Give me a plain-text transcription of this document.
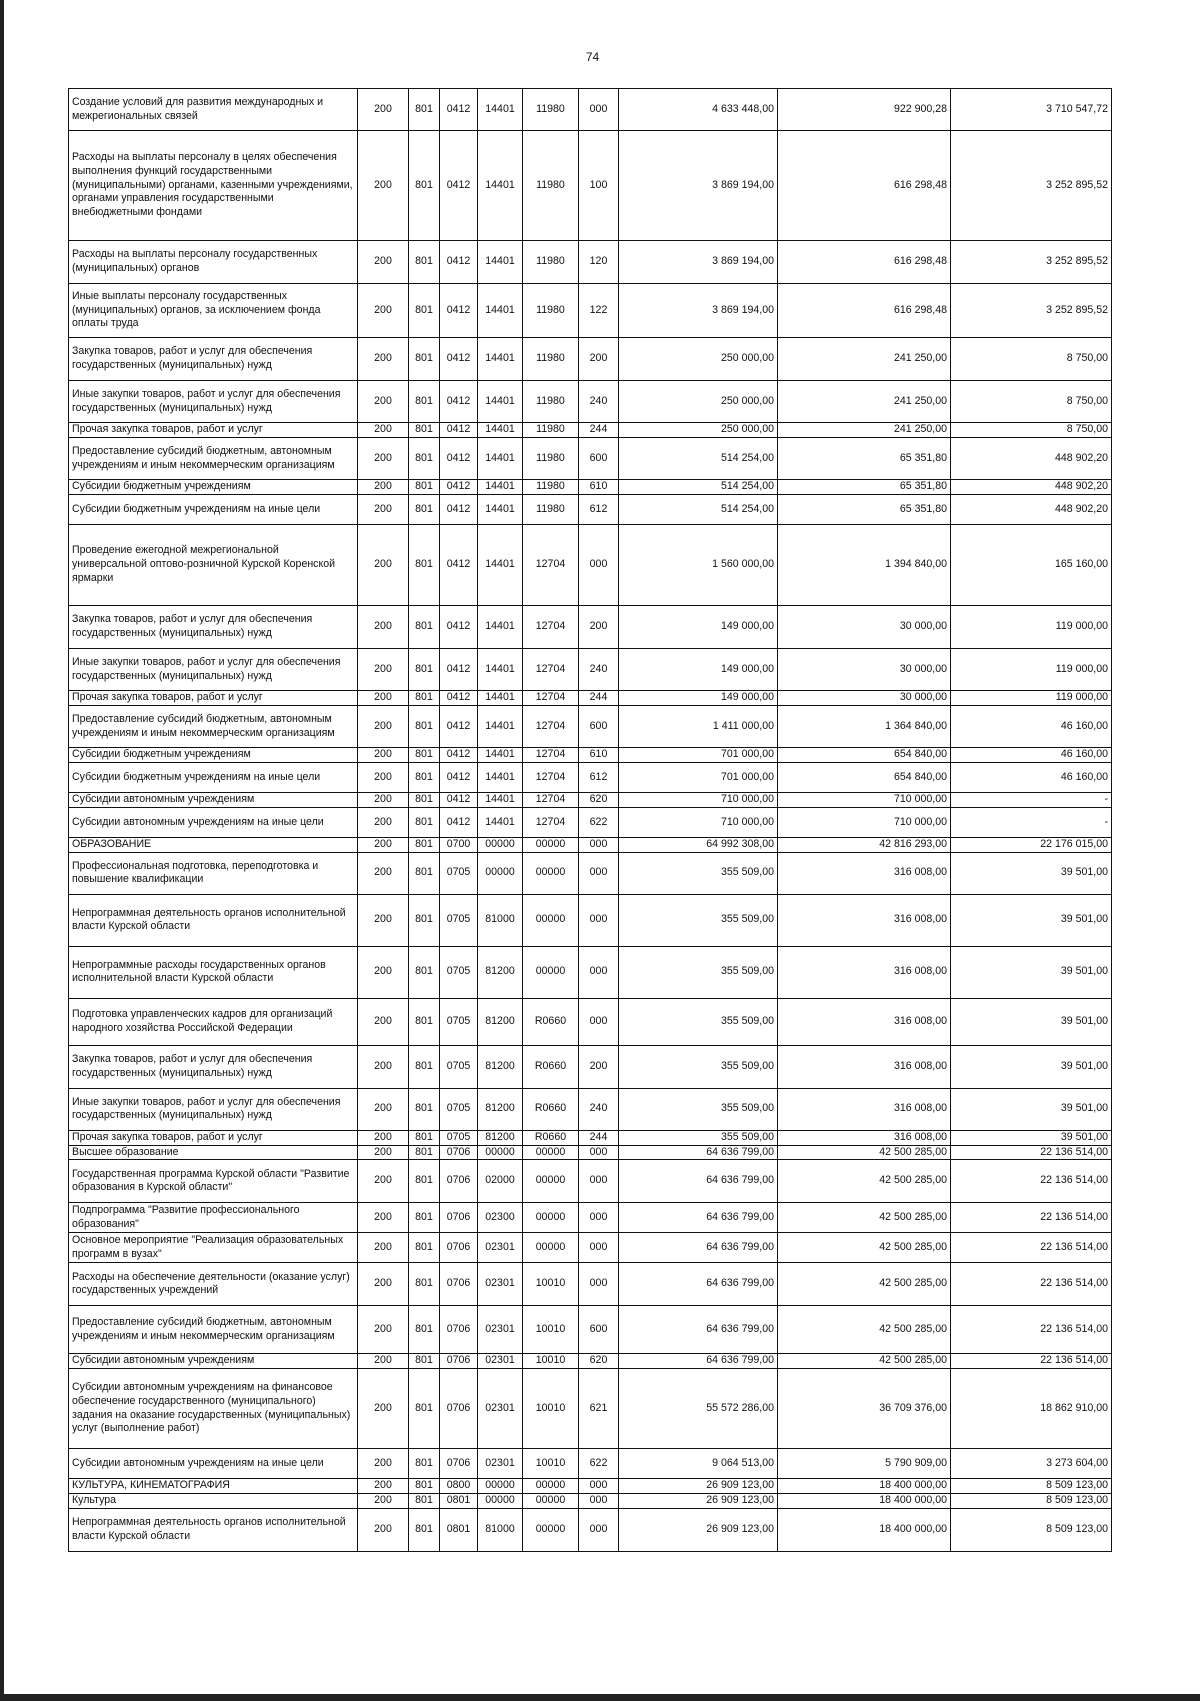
74
Создание условий для развития международных и межрегиональных связей	200	801	0412	14401	11980	000	4 633 448,00	922 900,28	3 710 547,72
Расходы на выплаты персоналу в целях обеспечения выполнения функций государственными (муниципальными) органами, казенными учреждениями, органами управления государственными внебюджетными фондами	200	801	0412	14401	11980	100	3 869 194,00	616 298,48	3 252 895,52
Расходы на выплаты персоналу государственных (муниципальных) органов	200	801	0412	14401	11980	120	3 869 194,00	616 298,48	3 252 895,52
Иные выплаты персоналу государственных (муниципальных) органов, за исключением фонда оплаты труда	200	801	0412	14401	11980	122	3 869 194,00	616 298,48	3 252 895,52
Закупка товаров, работ и услуг для обеспечения государственных (муниципальных) нужд	200	801	0412	14401	11980	200	250 000,00	241 250,00	8 750,00
Иные закупки товаров, работ и услуг для обеспечения государственных (муниципальных) нужд	200	801	0412	14401	11980	240	250 000,00	241 250,00	8 750,00
Прочая закупка товаров, работ и услуг	200	801	0412	14401	11980	244	250 000,00	241 250,00	8 750,00
Предоставление субсидий бюджетным, автономным учреждениям и иным некоммерческим организациям	200	801	0412	14401	11980	600	514 254,00	65 351,80	448 902,20
Субсидии бюджетным учреждениям	200	801	0412	14401	11980	610	514 254,00	65 351,80	448 902,20
Субсидии бюджетным учреждениям на иные цели	200	801	0412	14401	11980	612	514 254,00	65 351,80	448 902,20
Проведение ежегодной межрегиональной универсальной оптово-розничной Курской Коренской ярмарки	200	801	0412	14401	12704	000	1 560 000,00	1 394 840,00	165 160,00
Закупка товаров, работ и услуг для обеспечения государственных (муниципальных) нужд	200	801	0412	14401	12704	200	149 000,00	30 000,00	119 000,00
Иные закупки товаров, работ и услуг для обеспечения государственных (муниципальных) нужд	200	801	0412	14401	12704	240	149 000,00	30 000,00	119 000,00
Прочая закупка товаров, работ и услуг	200	801	0412	14401	12704	244	149 000,00	30 000,00	119 000,00
Предоставление субсидий бюджетным, автономным учреждениям и иным некоммерческим организациям	200	801	0412	14401	12704	600	1 411 000,00	1 364 840,00	46 160,00
Субсидии бюджетным учреждениям	200	801	0412	14401	12704	610	701 000,00	654 840,00	46 160,00
Субсидии бюджетным учреждениям на иные цели	200	801	0412	14401	12704	612	701 000,00	654 840,00	46 160,00
Субсидии автономным учреждениям	200	801	0412	14401	12704	620	710 000,00	710 000,00	-
Субсидии автономным учреждениям на иные цели	200	801	0412	14401	12704	622	710 000,00	710 000,00	-
ОБРАЗОВАНИЕ	200	801	0700	00000	00000	000	64 992 308,00	42 816 293,00	22 176 015,00
Профессиональная подготовка, переподготовка и повышение квалификации	200	801	0705	00000	00000	000	355 509,00	316 008,00	39 501,00
Непрограммная деятельность органов исполнительной власти Курской области	200	801	0705	81000	00000	000	355 509,00	316 008,00	39 501,00
Непрограммные расходы государственных органов исполнительной власти Курской области	200	801	0705	81200	00000	000	355 509,00	316 008,00	39 501,00
Подготовка управленческих кадров для организаций народного хозяйства Российской Федерации	200	801	0705	81200	R0660	000	355 509,00	316 008,00	39 501,00
Закупка товаров, работ и услуг для обеспечения государственных (муниципальных) нужд	200	801	0705	81200	R0660	200	355 509,00	316 008,00	39 501,00
Иные закупки товаров, работ и услуг для обеспечения государственных (муниципальных) нужд	200	801	0705	81200	R0660	240	355 509,00	316 008,00	39 501,00
Прочая закупка товаров, работ и услуг	200	801	0705	81200	R0660	244	355 509,00	316 008,00	39 501,00
Высшее образование	200	801	0706	00000	00000	000	64 636 799,00	42 500 285,00	22 136 514,00
Государственная программа Курской области "Развитие образования в Курской области"	200	801	0706	02000	00000	000	64 636 799,00	42 500 285,00	22 136 514,00
Подпрограмма "Развитие профессионального образования"	200	801	0706	02300	00000	000	64 636 799,00	42 500 285,00	22 136 514,00
Основное мероприятие "Реализация образовательных программ в вузах"	200	801	0706	02301	00000	000	64 636 799,00	42 500 285,00	22 136 514,00
Расходы на обеспечение деятельности (оказание услуг) государственных учреждений	200	801	0706	02301	10010	000	64 636 799,00	42 500 285,00	22 136 514,00
Предоставление субсидий бюджетным, автономным учреждениям и иным некоммерческим организациям	200	801	0706	02301	10010	600	64 636 799,00	42 500 285,00	22 136 514,00
Субсидии автономным учреждениям	200	801	0706	02301	10010	620	64 636 799,00	42 500 285,00	22 136 514,00
Субсидии автономным учреждениям на финансовое обеспечение государственного (муниципального) задания на оказание государственных (муниципальных) услуг (выполнение работ)	200	801	0706	02301	10010	621	55 572 286,00	36 709 376,00	18 862 910,00
Субсидии автономным учреждениям на иные цели	200	801	0706	02301	10010	622	9 064 513,00	5 790 909,00	3 273 604,00
КУЛЬТУРА, КИНЕМАТОГРАФИЯ	200	801	0800	00000	00000	000	26 909 123,00	18 400 000,00	8 509 123,00
Культура	200	801	0801	00000	00000	000	26 909 123,00	18 400 000,00	8 509 123,00
Непрограммная деятельность органов исполнительной власти Курской области	200	801	0801	81000	00000	000	26 909 123,00	18 400 000,00	8 509 123,00
